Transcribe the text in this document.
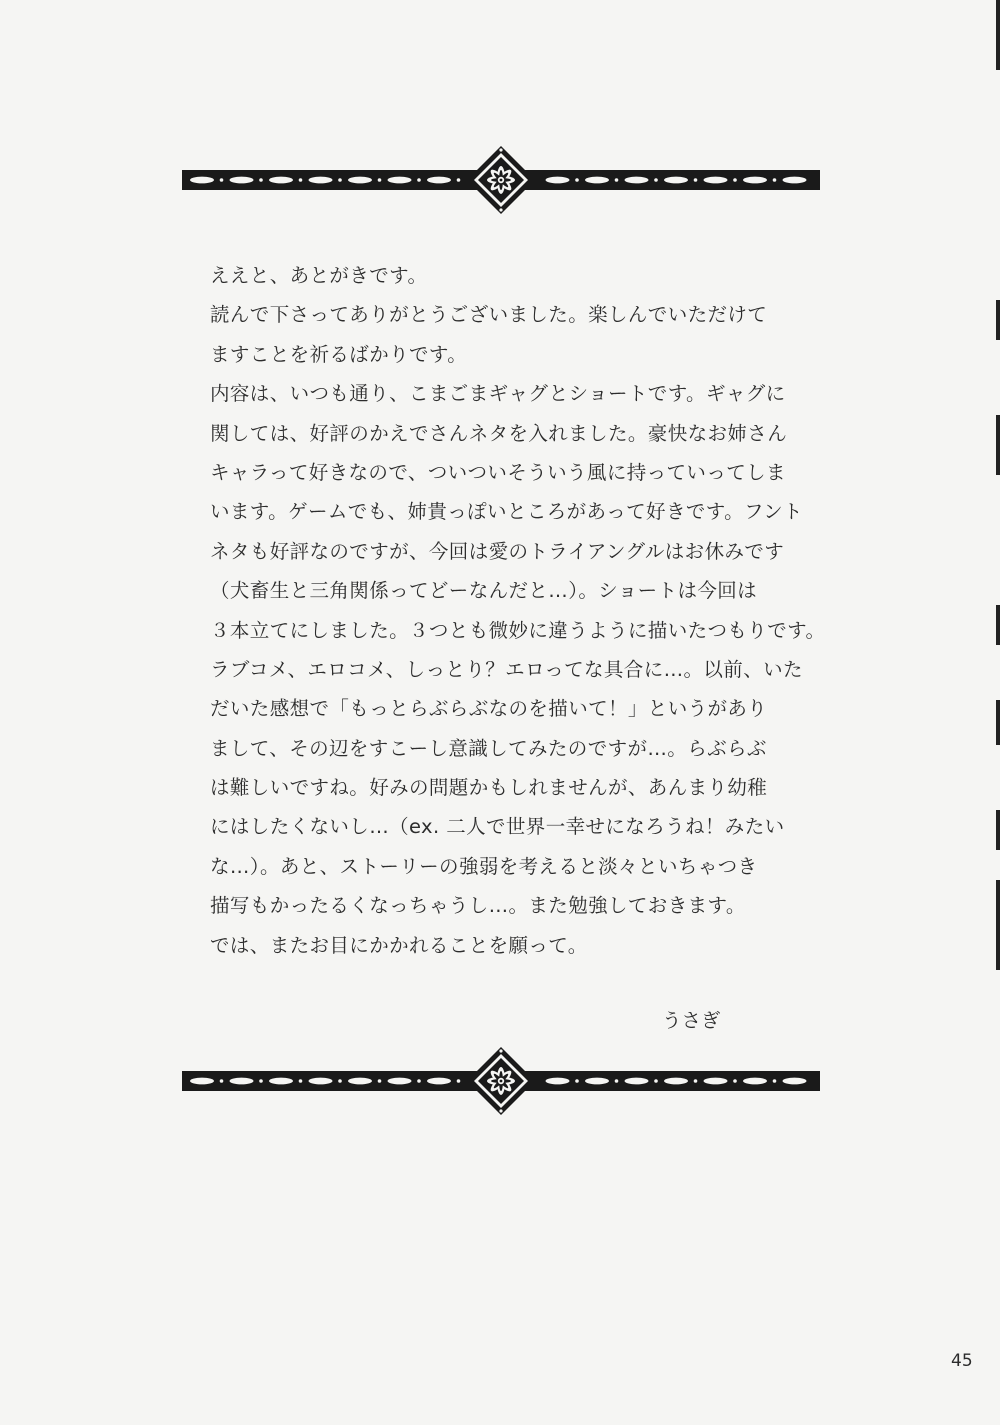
ええと、あとがきです。
読んで下さってありがとうございました。楽しんでいただけて
ますことを祈るばかりです。
内容は、いつも通り、こまごまギャグとショートです。ギャグに
関しては、好評のかえでさんネタを入れました。豪快なお姉さん
キャラって好きなので、ついついそういう風に持っていってしま
います。ゲームでも、姉貴っぽいところがあって好きです。フント
ネタも好評なのですが、今回は愛のトライアングルはお休みです
（犬畜生と三角関係ってどーなんだと…）。ショートは今回は
３本立てにしました。３つとも微妙に違うように描いたつもりです。
ラブコメ、エロコメ、しっとり？エロってな具合に…。以前、いた
だいた感想で「もっとらぶらぶなのを描いて！」というがあり
まして、その辺をすこーし意識してみたのですが…。らぶらぶ
は難しいですね。好みの問題かもしれませんが、あんまり幼稚
にはしたくないし…（ex. 二人で世界一幸せになろうね！みたい
な…）。あと、ストーリーの強弱を考えると淡々といちゃつき
描写もかったるくなっちゃうし…。また勉強しておきます。
では、またお目にかかれることを願って。
うさぎ
45
